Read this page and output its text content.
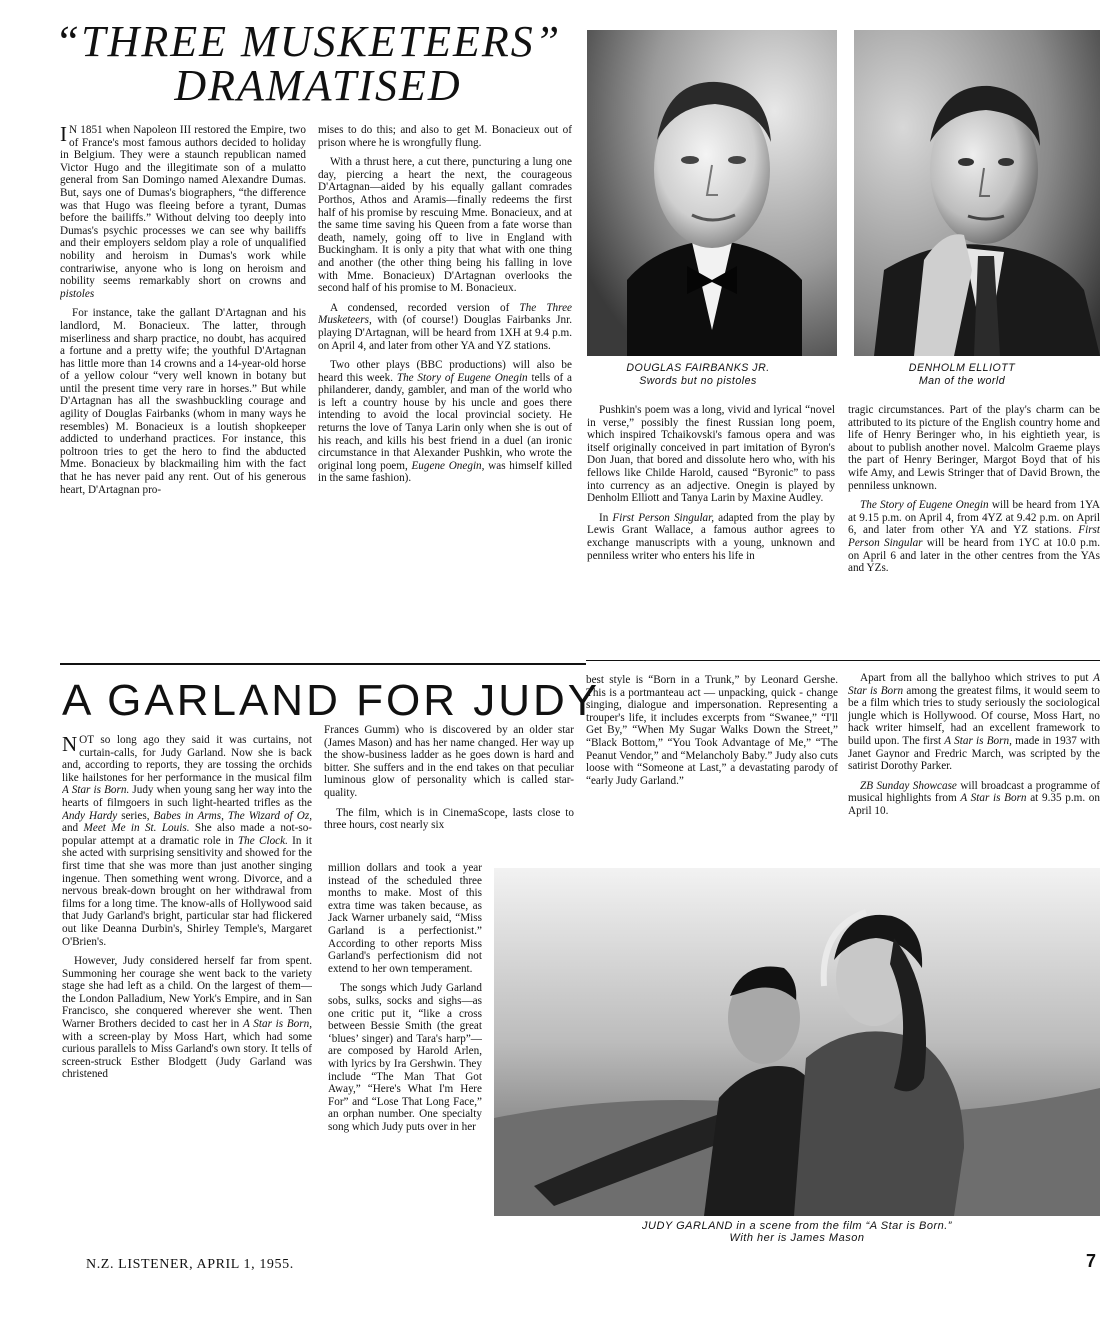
“THREE MUSKETEERS”
DRAMATISED

I N 1851 when Napoleon III restored the Empire, two of France's most famous authors decided to holiday in Belgium. They were a staunch republican named Victor Hugo and the illegitimate son of a mulatto general from San Domingo named Alexandre Dumas. But, says one of Dumas's biographers, “the difference was that Hugo was fleeing before a tyrant, Dumas before the bailiffs.” Without delving too deeply into Dumas's psychic processes we can see why bailiffs and their employers seldom play a role of unqualified nobility and heroism in Dumas's work while contrariwise, anyone who is long on heroism and nobility seems remarkably short on crowns and pistoles

For instance, take the gallant D'Artagnan and his landlord, M. Bonacieux. The latter, through miserliness and sharp practice, no doubt, has acquired a fortune and a pretty wife; the youthful D'Artagnan has little more than 14 crowns and a 14-year-old horse of a yellow colour “very well known in botany but until the present time very rare in horses.” But while D'Artagnan has all the swashbuckling courage and agility of Douglas Fairbanks (whom in many ways he resembles) M. Bonacieux is a loutish shopkeeper addicted to underhand practices. For instance, this poltroon tries to get the hero to find the abducted Mme. Bonacieux by blackmailing him with the fact that he has never paid any rent. Out of his generous heart, D'Artagnan pro-

mises to do this; and also to get M. Bonacieux out of prison where he is wrongfully flung.

With a thrust here, a cut there, puncturing a lung one day, piercing a heart the next, the courageous D'Artagnan—aided by his equally gallant comrades Porthos, Athos and Aramis—finally redeems the first half of his promise by rescuing Mme. Bonacieux, and at the same time saving his Queen from a fate worse than death, namely, going off to live in England with Buckingham. It is only a pity that what with one thing and another (the other thing being his falling in love with Mme. Bonacieux) D'Artagnan overlooks the second half of his promise to M. Bonacieux.

A condensed, recorded version of The Three Musketeers, with (of course!) Douglas Fairbanks Jnr. playing D'Artagnan, will be heard from 1XH at 9.4 p.m. on April 4, and later from other YA and YZ stations.

Two other plays (BBC productions) will also be heard this week. The Story of Eugene Onegin tells of a philanderer, dandy, gambler, and man of the world who is left a country house by his uncle and goes there intending to avoid the local provincial society. He returns the love of Tanya Larin only when she is out of his reach, and kills his best friend in a duel (an ironic circumstance in that Alexander Pushkin, who wrote the original long poem, Eugene Onegin, was himself killed in the same fashion).

DOUGLAS FAIRBANKS JR.
Swords but no pistoles
DENHOLM ELLIOTT
Man of the world

Pushkin's poem was a long, vivid and lyrical “novel in verse,” possibly the finest Russian long poem, which inspired Tchaikovski's famous opera and was itself originally conceived in part imitation of Byron's Don Juan, that bored and dissolute hero who, with his fellows like Childe Harold, caused “Byronic” to pass into currency as an adjective. Onegin is played by Denholm Elliott and Tanya Larin by Maxine Audley.

In First Person Singular, adapted from the play by Lewis Grant Wallace, a famous author agrees to exchange manuscripts with a young, unknown and penniless writer who enters his life in

tragic circumstances. Part of the play's charm can be attributed to its picture of the English country home and life of Henry Beringer who, in his eightieth year, is about to publish another novel. Malcolm Graeme plays the part of Henry Beringer, Margot Boyd that of his wife Amy, and Lewis Stringer that of David Brown, the penniless unknown.

The Story of Eugene Onegin will be heard from 1YA at 9.15 p.m. on April 4, from 4YZ at 9.42 p.m. on April 6, and later from other YA and YZ stations. First Person Singular will be heard from 1YC at 10.0 p.m. on April 6 and later in the other centres from the YAs and YZs.

A GARLAND FOR JUDY

NOT so long ago they said it was curtains, not curtain-calls, for Judy Garland. Now she is back and, according to reports, they are tossing the orchids like hailstones for her performance in the musical film A Star is Born. Judy when young sang her way into the hearts of filmgoers in such light-hearted trifles as the Andy Hardy series, Babes in Arms, The Wizard of Oz, and Meet Me in St. Louis. She also made a not-so-popular attempt at a dramatic role in The Clock. In it she acted with surprising sensitivity and showed for the first time that she was more than just another singing ingenue. Then something went wrong. Divorce, and a nervous break-down brought on her withdrawal from films for a long time. The know-alls of Hollywood said that Judy Garland's bright, particular star had flickered out like Deanna Durbin's, Shirley Temple's, Margaret O'Brien's.

However, Judy considered herself far from spent. Summoning her courage she went back to the variety stage she had left as a child. On the largest of them—the London Palladium, New York's Empire, and in San Francisco, she conquered wherever she went. Then Warner Brothers decided to cast her in A Star is Born, with a screen-play by Moss Hart, which had some curious parallels to Miss Garland's own story. It tells of screen-struck Esther Blodgett (Judy Garland was christened

Frances Gumm) who is discovered by an older star (James Mason) and has her name changed. Her way up the show-business ladder as he goes down is hard and bitter. She suffers and in the end takes on that peculiar luminous glow of personality which is called star-quality.

The film, which is in CinemaScope, lasts close to three hours, cost nearly six

million dollars and took a year instead of the scheduled three months to make. Most of this extra time was taken because, as Jack Warner urbanely said, “Miss Garland is a perfectionist.” According to other reports Miss Garland's perfectionism did not extend to her own temperament.

The songs which Judy Garland sobs, sulks, socks and sighs—as one critic put it, “like a cross between Bessie Smith (the great ‘blues’ singer) and Tara's harp”—are composed by Harold Arlen, with lyrics by Ira Gershwin. They include “The Man That Got Away,” “Here's What I'm Here For” and “Lose That Long Face,” an orphan number. One specialty song which Judy puts over in her

best style is “Born in a Trunk,” by Leonard Gershe. This is a portmanteau act — unpacking, quick - change singing, dialogue and impersonation. Representing a trouper's life, it includes excerpts from “Swanee,” “I'll Get By,” “When My Sugar Walks Down the Street,” “Black Bottom,” “You Took Advantage of Me,” “The Peanut Vendor,” and “Melancholy Baby.” Judy also cuts loose with “Someone at Last,” a devastating parody of “early Judy Garland.”

Apart from all the ballyhoo which strives to put A Star is Born among the greatest films, it would seem to be a film which tries to study seriously the sociological jungle which is Hollywood. Of course, Moss Hart, no hack writer himself, had an excellent framework to build upon. The first A Star is Born, made in 1937 with Janet Gaynor and Fredric March, was scripted by the satirist Dorothy Parker.

ZB Sunday Showcase will broadcast a programme of musical highlights from A Star is Born at 9.35 p.m. on April 10.

JUDY GARLAND in a scene from the film “A Star is Born.”
With her is James Mason
N.Z. LISTENER, APRIL 1, 1955.	7
